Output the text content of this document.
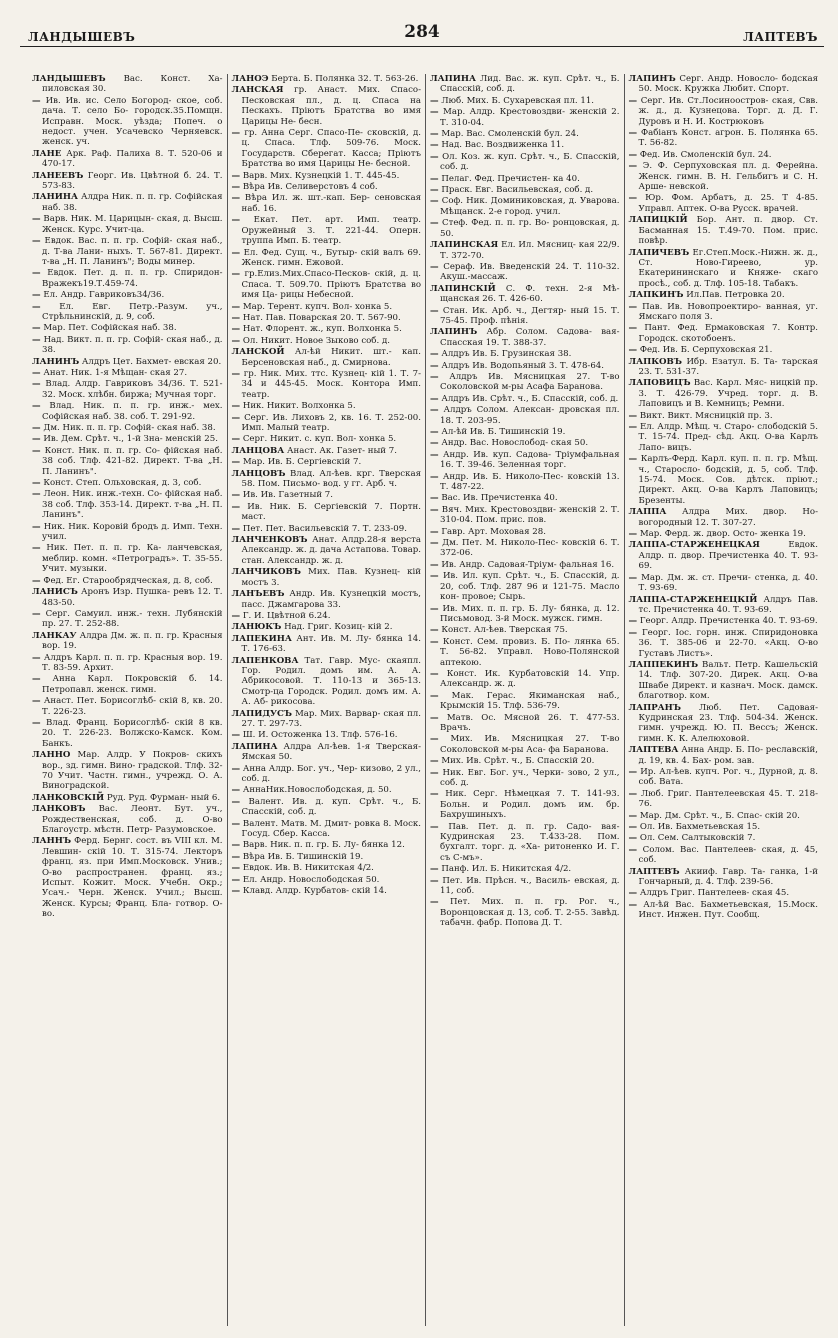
ЛАНДЫШЕВЪ	284	ЛАПТЕВЪ
ЛАНДЫШЕВЪ Вас. Конст. Ха- пиловская 30.
— Ив. Ив. ис. Село Богород- ское, соб. дача. Т. село Бо- городск.35.Помщн. Исправн. Моск. уѣзда; Попеч. о недост. учен. Усачевско Черняевск. женск. уч.
ЛАНЕ Арк. Раф. Палиха 8. Т. 520-06 и 470-17.
ЛАНЕЕВЪ Георг. Ив. Цвѣтной б. 24. Т. 573-83.
ЛАНИНА Алдра Ник. п. п. гр. Софійская наб. 38.
— Варв. Ник. М. Царицын- ская, д. Высш. Женск. Курс. Учит-ца.
— Евдок. Вас. п. п. гр. Софій- ская наб., д. Т-ва Лани- ныхъ. Т. 567-81. Директ. т-ва „Н. П. Ланинъ"; Воды минер.
— Евдок. Пет. д. п. п. гр. Спиридон-Вражекъ19.Т.459-74.
— Ел. Андр. Гавриковъ34/36.
— Ел. Евг. Петр.-Разум. уч., Стрѣльнинскій, д. 9, соб.
— Мар. Пет. Софійская наб. 38.
— Над. Викт. п. п. гр. Софій- ская наб., д. 38.
ЛАНИНЪ Алдръ Цет. Бахмет- евская 20.
— Анат. Ник. 1-я Мѣщан- ская 27.
— Влад. Алдр. Гавриковъ 34/36. Т. 521-32. Моск. хлѣбн. биржа; Мучная торг.
— Влад. Ник. п. п. гр. инж.- мех. Софійская наб. 38. соб. Т. 291-92.
— Дм. Ник. п. п. гр. Софій- ская наб. 38.
— Ив. Дем. Срѣт. ч., 1-й Зна- менскій 25.
— Конст. Ник. п. п. гр. Со- фійская наб. 38 соб. Тлф. 421-82. Директ. Т-ва „Н. П. Ланинъ".
— Конст. Степ. Ольховская, д. 3, соб.
— Леон. Ник. инж.-техн. Со- фійская наб. 38 соб. Тлф. 353-14. Директ. т-ва „Н. П. Ланинъ".
— Ник. Ник. Коровій бродъ д. Имп. Техн. учил.
— Ник. Пет. п. п. гр. Ка- ланчевская, меблир. комн. «Петроградъ». Т. 35-55. Учит. музыки.
— Фед. Ег. Старообрядческая, д. 8, соб.
ЛАНИСЪ Аронъ Изр. Пушка- ревъ 12. Т. 483-50.
— Серг. Самуил. инж.- техн. Лубянскій пр. 27. Т. 252-88.
ЛАНКАУ Алдра Дм. ж. п. п. гр. Красныя вор. 19.
— Алдръ Карл. п. п. гр. Красныя вор. 19. Т. 83-59. Архит.
— Анна Карл. Покровскій б. 14. Петропавл. женск. гимн.
— Анаст. Пет. Борисоглѣб- скій 8, кв. 20. Т. 226-23.
— Влад. Франц. Борисоглѣб- скій 8 кв. 20. Т. 226-23. Волжско-Камск. Ком. Банкъ.
ЛАННО Мар. Алдр. У Покров- скихъ вор., зд. гимн. Вино- градской. Тлф. 32-70 Учит. Частн. гимн., учрежд. О. А. Виноградской.
ЛАНКОВСКІЙ Руд. Руд. Фурман- ный 6.
ЛАНКОВЪ Вас. Леонт. Бут. уч., Рождественская, соб. д. О-во Благоустр. мѣстн. Петр- Разумовское.
ЛАННЪ Ферд. Бернг. сост. въ VIII кл. М. Левшин- скій 10. Т. 315-74. Лекторъ франц. яз. при Имп.Московск. Унив.; О-во распространен. франц. яз.; Испыт. Кожит. Моск. Учебн. Окр.; Усач.- Черн. Женск. Учил.; Высш. Женск. Курсы; Франц. Бла- готвор. О-во.
ЛАНОЭ Берта. Б. Полянка 32. Т. 563-26.
ЛАНСКАЯ гр. Анаст. Мих. Спасо-Песковская пл., д. ц. Спаса на Пескахъ. Пріютъ Братства во имя Царицы Не- бесн.
— гр. Анна Серг. Спасо-Пе- сковскій, д. ц. Спаса. Тлф. 509-76. Моск. Государств. Сберегат. Касса; Пріютъ Братства во имя Царицы Не- бесной.
— Варв. Мих. Кузнецкій 1. Т. 445-45.
— Вѣра Ив. Селиверстовъ 4 соб.
— Вѣра Ил. ж. шт.-кап. Бер- сеновская наб. 16.
— Екат. Пет. арт. Имп. театр. Оружейный 3. Т. 221-44. Оперн. труппа Имп. Б. театр.
— Ел. Фед. Сущ. ч., Бутыр- скій валъ 69. Женск. гимн. Ежовой.
— гр.Елиз.Мих.Спасо-Песков- скій, д. ц. Спаса. Т. 509.70. Пріютъ Братства во имя Ца- рицы Небесной.
— Мар. Терент. купч. Вол- хонка 5.
— Нат. Пав. Поварская 20. Т. 567-90.
— Нат. Флорент. ж., куп. Волхонка 5.
— Ол. Никит. Новое Зыково соб. д.
ЛАНСКОЙ Ал-ѣй Никит. шт.- кап. Берсеновская наб., д. Смирнова.
— гр. Ник. Мих. ттс. Кузнец- кій 1. Т. 7-34 и 445-45. Моск. Контора Имп. театр.
— Ник. Никит. Волхонка 5.
— Серг. Ив. Лиховъ 2, кв. 16. Т. 252-00. Имп. Малый театр.
— Серг. Никит. с. куп. Вол- хонка 5.
ЛАНЦОВА Анаст. Ак. Газет- ный 7.
— Мар. Ив. Б. Сергіевскій 7.
ЛАНЦОВЪ Влад. Ал-ѣев. крг. Тверская 58. Пом. Письмо- вод. у гг. Арб. ч.
— Ив. Ив. Газетный 7.
— Ив. Ник. Б. Сергіевскій 7. Портн. маст.
— Пет. Пет. Васильевскій 7. Т. 233-09.
ЛАНЧЕНКОВЪ Анат. Алдр.28-я верста Александр. ж. д. дача Астапова. Товар. стан. Александр. ж. д.
ЛАНЧИКОВЪ Мих. Пав. Кузнец- кій мостъ 3.
ЛАНЪЕВЪ Андр. Ив. Кузнецкій мостъ, пасс. Джамгарова 33.
— Г. И. Цвѣтной 6.24.
ЛАНЮКЪ Над. Григ. Козиц- кій 2.
ЛАПЕКИНА Ант. Ив. М. Лу- бянка 14. Т. 176-63.
ЛАПЕНКОВА Тат. Гавр. Мус- скаяпл. Гор. Родил. домъ им. А. А. Абрикосовой. Т. 110-13 и 365-13. Смотр-ца Городск. Родил. домъ им. А. А. Аб- рикосова.
ЛАПИДУСЪ Мар. Мих. Варвар- ская пл. 27. Т. 297-73.
— Ш. И. Остоженка 13. Тлф. 576-16.
ЛАПИНА Алдра Ал-ѣев. 1-я Тверская-Ямская 50.
— Анна Алдр. Бог. уч., Чер- кизово, 2 ул., соб. д.
— АннаНик.Новослободская, д. 50.
— Валент. Ив. д. куп. Срѣт. ч., Б. Спасскій, соб. д.
— Валент. Матв. М. Дмит- ровка 8. Моск. Госуд. Сбер. Касса.
— Варв. Ник. п. п. гр. Б. Лу- бянка 12.
— Вѣра Ив. Б. Тишинскій 19.
— Евдок. Ив. В. Никитская 4/2.
— Ел. Андр. Новослободская 50.
— Клавд. Алдр. Курбатов- скій 14.
ЛАПИНА Лид. Вас. ж. куп. Срѣт. ч., Б. Спасскій, соб. д.
— Люб. Мих. Б. Сухаревская пл. 11.
— Мар. Алдр. Крестовоздви- женскій 2. Т. 310-04.
— Мар. Вас. Смоленскій бул. 24.
— Над. Вас. Воздвиженка 11.
— Ол. Коз. ж. куп. Срѣт. ч., Б. Спасскій, соб. д.
— Пелаг. Фед. Пречистен- ка 40.
— Праск. Евг. Васильевская, соб. д.
— Соф. Ник. Доминиковская, д. Уварова. Мѣщанск. 2-е город. учил.
— Стеф. Фед. п. п. гр. Во- ронцовская, д. 50.
ЛАПИНСКАЯ Ел. Ил. Мясниц- кая 22/9. Т. 372-70.
— Сераф. Ив. Введенскій 24. Т. 110-32. Акуш.-массаж.
ЛАПИНСКІЙ С. Ф. техн. 2-я Мѣ- щанская 26. Т. 426-60.
— Стан. Ик. Арб. ч., Дегтяр- ный 15. Т. 75-45. Проф. пѣнія.
ЛАПИНЪ Абр. Солом. Садова- вая-Спасская 19. Т. 388-37.
— Алдръ Ив. Б. Грузинская 38.
— Алдръ Ив. Водопьяный 3. Т. 478-64.
— Алдръ Ив. Мясницкая 27. Т-во Соколовской м-ры Асафа Баранова.
— Алдръ Ив. Срѣт. ч., Б. Спасскій, соб. д.
— Алдръ Солом. Алексан- дровская пл. 18. Т. 203-95.
— Ал-ѣй Ив. Б. Тишинскій 19.
— Андр. Вас. Новослобод- ская 50.
— Андр. Ив. куп. Садова- Тріумфальная 16. Т. 39-46. Зеленная торг.
— Андр. Ив. Б. Николо-Пес- ковскій 13. Т. 487-22.
— Вас. Ив. Пречистенка 40.
— Вяч. Мих. Крестовоздви- женскій 2. Т. 310-04. Пом. прис. пов.
— Гавр. Арт. Моховая 28.
— Дм. Пет. М. Николо-Пес- ковскій 6. Т. 372-06.
— Ив. Андр. Садовая-Тріум- фальная 16.
— Ив. Ил. куп. Срѣт. ч., Б. Спасскій, д. 20, соб. Тлф. 287 96 и 121-75. Масло кон- провое; Сырь.
— Ив. Мих. п. п. гр. Б. Лу- бянка, д. 12. Письмовод. 3-й Моск. мужск. гимн.
— Конст. Ал-ѣев. Тверская 75.
— Конст. Сем. провиз. Б. По- лянка 65. Т. 56-82. Управл. Ново-Полянской аптекою.
— Конст. Ик. Курбатовскій 14. Упр. Александр. ж. д.
— Мак. Герас. Якиманская наб., Крымскій 15. Тлф. 536-79.
— Матв. Ос. Мясной 26. Т. 477-53. Врачъ.
— Мих. Ив. Мясницкая 27. Т-во Соколовской м-ры Аса- фа Баранова.
— Мих. Ив. Срѣт. ч., Б. Спасскій 20.
— Ник. Евг. Бог. уч., Черки- зово, 2 ул., соб. д.
— Ник. Серг. Нѣмецкая 7. Т. 141-93. Больн. и Родил. домъ им. бр. Бахрушиныхъ.
— Пав. Пет. д. п. гр. Садо- вая-Кудринская 23. Т.433-28. Пом. бухгалт. торг. д. «Ха- ритоненко И. Г. съ С-мъ».
— Панф. Ил. Б. Никитская 4/2.
— Пет. Ив. Прѣсн. ч., Василь- евская, д. 11, соб.
— Пет. Мих. п. п. гр. Рог. ч., Воронцовская д. 13, соб. Т. 2-55. Завѣд. табачн. фабр. Попова Д. Т.
ЛАПИНЪ Серг. Андр. Новосло- бодская 50. Моск. Кружка Любит. Спорт.
— Серг. Ив. Ст.Лосиноостров- ская, Свв. ж. д., д. Кузнецова. Торг. д. Д. Г. Дуровъ и Н. И. Кострюковъ
— Фабіанъ Конст. агрон. Б. Полянка 65. Т. 56-82.
— Фед. Ив. Смоленскій бул. 24.
— Э. Ф. Серпуховская пл. д. Ферейна. Женск. гимн. В. Н. Гельбигъ и С. Н. Арше- невской.
— Юр. Фом. Арбатъ, д. 25. Т 4-85. Управл. Аптек. О-ва Русск. врачей.
ЛАПИЦКІЙ Бор. Ант. п. двор. Ст. Басманная 15. Т.49-70. Пом. прис. повѣр.
ЛАПИЧЕВЪ Ег.Степ.Моск.-Нижн. ж. д., Ст. Ново-Гиреево, ур. Екатерининскаго и Княже- скаго просѣ., соб. д. Тлф. 105-18. Табакъ.
ЛАПКИНЪ Ил.Пав. Петровка 20.
— Пав. Ив. Новопроектиро- ванная, уг. Ямскаго поля 3.
— Пант. Фед. Ермаковская 7. Контр. Городск. скотобоенъ.
— Фед. Ив. Б. Серпуховская 21.
ЛАПКОВЪ Ибр. Езатул. Б. Та- тарская 23. Т. 531-37.
ЛАПОВИЦЪ Вас. Карл. Мяс- ницкій пр. 3. Т. 426-79. Учред. торг. д. В. Лаповицъ и В. Кемницъ; Ремни.
— Викт. Викт. Мясницкій пр. 3.
— Ел. Алдр. Мѣщ. ч. Старо- слободскій 5. Т. 15-74. Пред- сѣд. Акц. О-ва Карлъ Лапо- вицъ.
— Карлъ-Ферд. Карл. куп. п. п. гр. Мѣщ. ч., Старосло- бодскій, д. 5, соб. Тлф. 15-74. Моск. Сов. дѣтск. пріют.; Директ. Акц. О-ва Карлъ Лаповицъ; Брезенты.
ЛАППА Алдра Мих. двор. Но- вогородный 12. Т. 307-27.
— Мар. Ферд. ж. двор. Осто- женка 19.
ЛАППА-СТАРЖЕНЕЦКАЯ	Евдок. Алдр. п. двор. Пречистенка 40. Т. 93-69.
— Мар. Дм. ж. ст. Пречи- стенка, д. 40. Т. 93-69.
ЛАППА-СТАРЖЕНЕЦКІЙ Алдръ Пав. тс. Пречистенка 40. Т. 93-69.
— Георг. Алдр. Пречистенка 40. Т. 93-69.
— Георг. Іос. горн. инж. Спиридоновка 36. Т. 385-06 и 22-70. «Акц. О-во Густавъ Листъ».
ЛАППЕКИНЪ Вальт. Петр. Кашельскій 14. Тлф. 307-20. Дирек. Акц. О-ва Швабе Директ. и казнач. Моск. дамск. благотвор. ком.
ЛАПРАНЪ Люб. Пет. Садовая- Кудринская 23. Тлф. 504-34. Женск. гимн. учрежд. Ю. П. Вессъ; Женск. гимн. К. К. Алелюховой.
ЛАПТЕВА Анна Андр. Б. По- реславскій, д. 19, кв. 4. Бах- ром. зав.
— Ир. Ал-ѣев. купч. Рог. ч., Дурной, д. 8. соб. Вата.
— Люб. Григ. Пантелеевская 45. Т. 218-76.
— Мар. Дм. Срѣт. ч., Б. Спас- скій 20.
— Ол. Ив. Бахметьевская 15.
— Ол. Сем. Салтыковскій 7.
— Солом. Вас. Пантелеев- ская, д. 45, соб.
ЛАПТЕВЪ Акииф. Гавр. Та- ганка, 1-й Гончарный, д. 4. Тлф. 239-56.
— Алдръ Григ. Пантелеев- ская 45.
— Ал-ѣй Вас. Бахметьевская, 15.Моск. Инст. Инжен. Пут. Сообщ.
